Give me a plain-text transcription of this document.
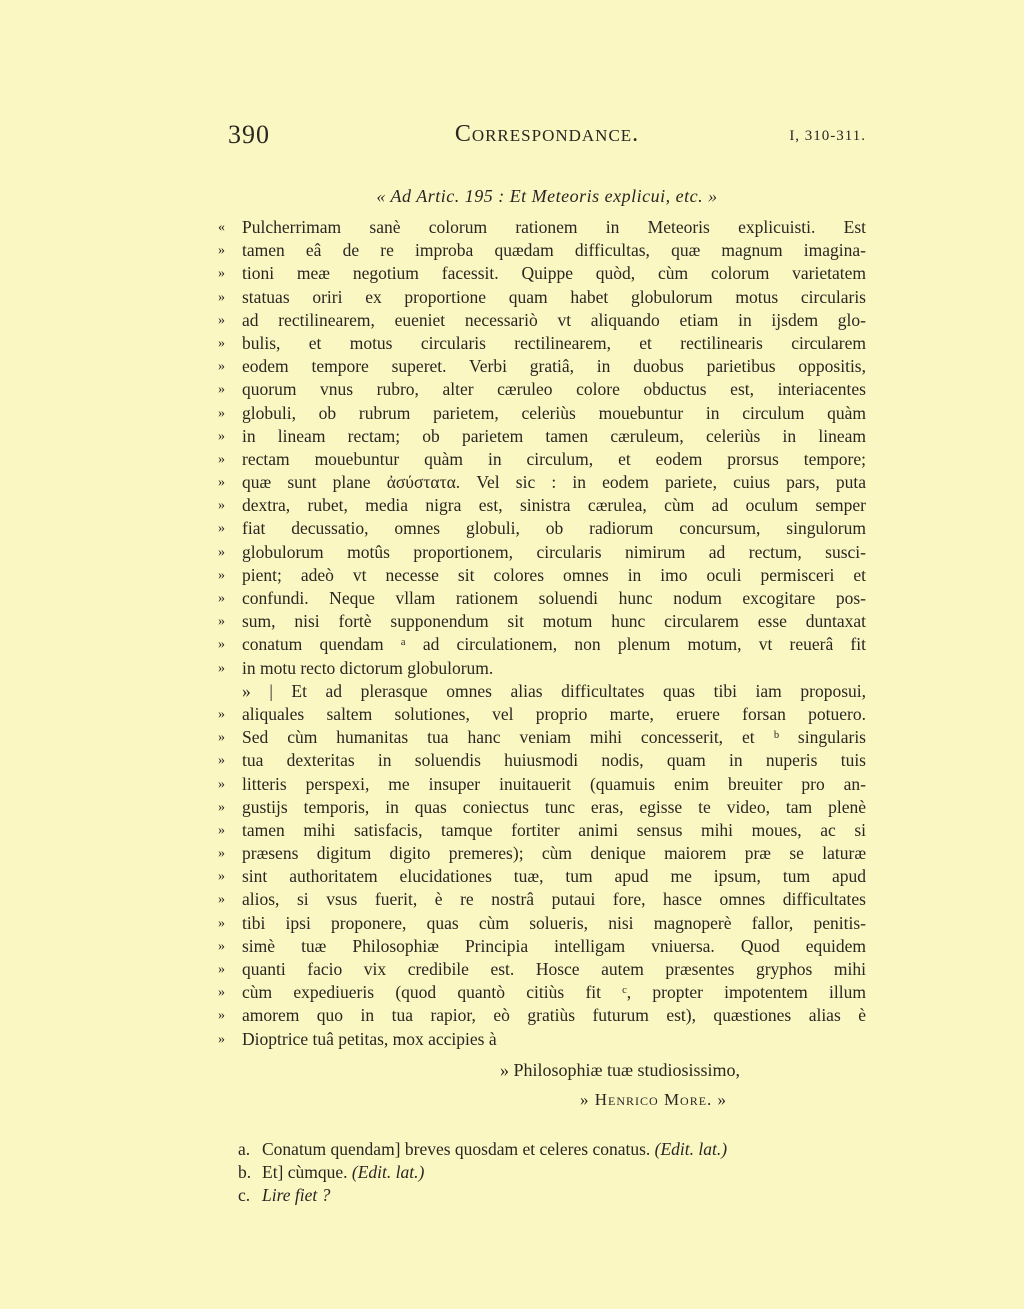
390	Correspondance.	I, 310-311.
« Ad Artic. 195 : Et Meteoris explicui, etc. »
« Pulcherrimam sanè colorum rationem in Meteoris explicuisti. Est
» tamen eâ de re improba quædam difficultas, quæ magnum imagina-
» tioni meæ negotium facessit. Quippe quòd, cùm colorum varietatem
» statuas oriri ex proportione quam habet globulorum motus circularis
» ad rectilinearem, eueniet necessariò vt aliquando etiam in ijsdem glo-
» bulis, et motus circularis rectilinearem, et rectilinearis circularem
» eodem tempore superet. Verbi gratiâ, in duobus parietibus oppositis,
» quorum vnus rubro, alter cæruleo colore obductus est, interiacentes
» globuli, ob rubrum parietem, celeriùs mouebuntur in circulum quàm
» in lineam rectam; ob parietem tamen cæruleum, celeriùs in lineam
» rectam mouebuntur quàm in circulum, et eodem prorsus tempore;
» quæ sunt plane ἀσύστατα. Vel sic : in eodem pariete, cuius pars, puta
» dextra, rubet, media nigra est, sinistra cærulea, cùm ad oculum semper
» fiat decussatio, omnes globuli, ob radiorum concursum, singulorum
» globulorum motûs proportionem, circularis nimirum ad rectum, susci-
» pient; adeò vt necesse sit colores omnes in imo oculi permisceri et
» confundi. Neque vllam rationem soluendi hunc nodum excogitare pos-
» sum, nisi fortè supponendum sit motum hunc circularem esse duntaxat
» conatum quendam ᵃ ad circulationem, non plenum motum, vt reuerâ fit
» in motu recto dictorum globulorum.
» | Et ad plerasque omnes alias difficultates quas tibi iam proposui,
» aliquales saltem solutiones, vel proprio marte, eruere forsan potuero.
» Sed cùm humanitas tua hanc veniam mihi concesserit, et ᵇ singularis
» tua dexteritas in soluendis huiusmodi nodis, quam in nuperis tuis
» litteris perspexi, me insuper inuitauerit (quamuis enim breuiter pro an-
» gustijs temporis, in quas coniectus tunc eras, egisse te video, tam plenè
» tamen mihi satisfacis, tamque fortiter animi sensus mihi moues, ac si
» præsens digitum digito premeres); cùm denique maiorem præ se laturæ
» sint authoritatem elucidationes tuæ, tum apud me ipsum, tum apud
» alios, si vsus fuerit, è re nostrâ putaui fore, hasce omnes difficultates
» tibi ipsi proponere, quas cùm solueris, nisi magnoperè fallor, penitis-
» simè tuæ Philosophiæ Principia intelligam vniuersa. Quod equidem
» quanti facio vix credibile est. Hosce autem præsentes gryphos mihi
» cùm expediueris (quod quantò citiùs fit ᶜ, propter impotentem illum
» amorem quo in tua rapior, eò gratiùs futurum est), quæstiones alias è
» Dioptrice tuâ petitas, mox accipies à
» Philosophiæ tuæ studiosissimo,
» Henrico More. »
a. Conatum quendam] breves quosdam et celeres conatus. (Edit. lat.)
b. Et] cùmque. (Edit. lat.)
c. Lire fiet ?
